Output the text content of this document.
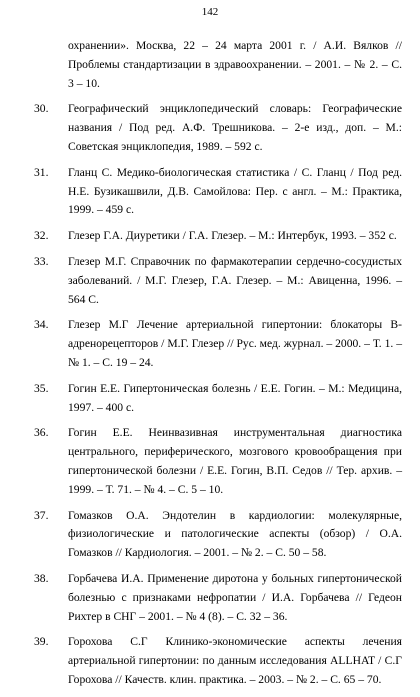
142
охранении». Москва, 22 – 24 марта 2001 г. / А.И. Вялков // Проблемы стандартизации в здравоохранении. – 2001. – № 2. – С. 3 – 10.
30. Географический энциклопедический словарь: Географические названия / Под ред. А.Ф. Трешникова. – 2-е изд., доп. – М.: Советская энциклопедия, 1989. – 592 с.
31. Гланц С. Медико-биологическая статистика / С. Гланц / Под ред. Н.Е. Бузикашвили, Д.В. Самойлова: Пер. с англ. – М.: Практика, 1999. – 459 с.
32. Глезер Г.А. Диуретики / Г.А. Глезер. – М.: Интербук, 1993. – 352 с.
33. Глезер М.Г. Справочник по фармакотерапии сердечно-сосудистых заболеваний. / М.Г. Глезер, Г.А. Глезер. – М.: Авиценна, 1996. – 564 С.
34. Глезер М.Г Лечение артериальной гипертонии: блокаторы В-адренорецепторов / М.Г. Глезер // Рус. мед. журнал. – 2000. – Т. 1. – № 1. – С. 19 – 24.
35. Гогин Е.Е. Гипертоническая болезнь / Е.Е. Гогин. – М.: Медицина, 1997. – 400 с.
36. Гогин Е.Е. Неинвазивная инструментальная диагностика центрального, периферического, мозгового кровообращения при гипертонической болезни / Е.Е. Гогин, В.П. Седов // Тер. архив. – 1999. – Т. 71. – № 4. – С. 5 – 10.
37. Гомазков О.А. Эндотелин в кардиологии: молекулярные, физиологические и патологические аспекты (обзор) / О.А. Гомазков // Кардиология. – 2001. – № 2. – С. 50 – 58.
38. Горбачева И.А. Применение диротона у больных гипертонической болезнью с признаками нефропатии / И.А. Горбачева // Гедеон Рихтер в СНГ – 2001. – № 4 (8). – С. 32 – 36.
39. Горохова С.Г Клинико-экономические аспекты лечения артериальной гипертонии: по данным исследования ALLHAT / С.Г Горохова // Качеств. клин. практика. – 2003. – № 2. – С. 65 – 70.
